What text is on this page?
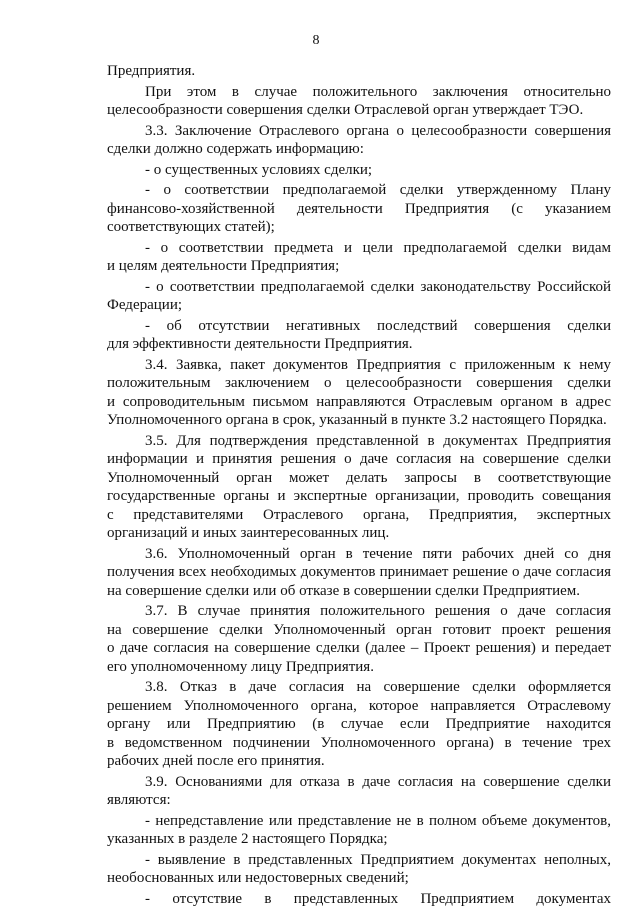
8
Предприятия.
При этом в случае положительного заключения относительно
целесообразности совершения сделки Отраслевой орган утверждает ТЭО.
3.3. Заключение Отраслевого органа о целесообразности совершения
сделки должно содержать информацию:
- о существенных условиях сделки;
- о соответствии предполагаемой сделки утвержденному Плану
финансово-хозяйственной деятельности Предприятия (с указанием
соответствующих статей);
- о соответствии предмета и цели предполагаемой сделки видам
и целям деятельности Предприятия;
- о соответствии предполагаемой сделки законодательству Российской
Федерации;
- об отсутствии негативных последствий совершения сделки
для эффективности деятельности Предприятия.
3.4. Заявка, пакет документов Предприятия с приложенным к нему
положительным заключением о целесообразности совершения сделки
и сопроводительным письмом направляются Отраслевым органом в адрес
Уполномоченного органа в срок, указанный в пункте 3.2 настоящего Порядка.
3.5. Для подтверждения представленной в документах Предприятия
информации и принятия решения о даче согласия на совершение сделки
Уполномоченный орган может делать запросы в соответствующие
государственные органы и экспертные организации, проводить совещания
с представителями Отраслевого органа, Предприятия, экспертных
организаций и иных заинтересованных лиц.
3.6. Уполномоченный орган в течение пяти рабочих дней со дня
получения всех необходимых документов принимает решение о даче согласия
на совершение сделки или об отказе в совершении сделки Предприятием.
3.7. В случае принятия положительного решения о даче согласия
на совершение сделки Уполномоченный орган готовит проект решения
о даче согласия на совершение сделки (далее – Проект решения) и передает
его уполномоченному лицу Предприятия.
3.8. Отказ в даче согласия на совершение сделки оформляется
решением Уполномоченного органа, которое направляется Отраслевому
органу или Предприятию (в случае если Предприятие находится
в ведомственном подчинении Уполномоченного органа) в течение трех
рабочих дней после его принятия.
3.9. Основаниями для отказа в даче согласия на совершение сделки
являются:
- непредставление или представление не в полном объеме документов,
указанных в разделе 2 настоящего Порядка;
- выявление в представленных Предприятием документах неполных,
необоснованных или недостоверных сведений;
- отсутствие в представленных Предприятием документах
